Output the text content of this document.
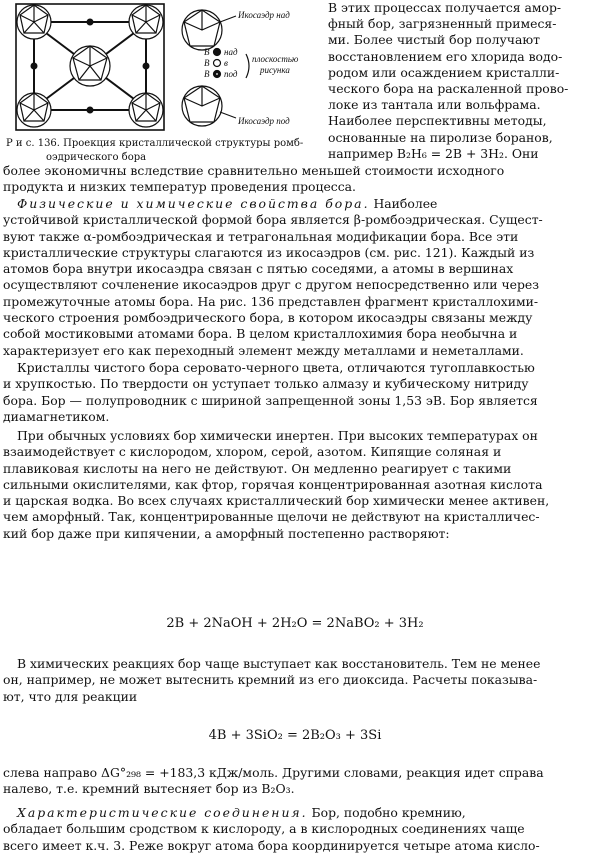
Икосаэдр над
В над
В в
В под
плоскостью
рисунка
Икосаэдр под
Р и с. 136. Проекция кристаллической структуры ромб-
оэдрического бора
В этих процессах получается амор-
фный бор, загрязненный примеся-
ми. Более чистый бор получают
восстановлением его хлорида водо-
родом или осаждением кристалли-
ческого бора на раскаленной прово-
локе из тантала или вольфрама.
Наиболее перспективны методы,
основанные на пиролизе боранов,
например B₂H₆ = 2B + 3H₂. Они
более экономичны вследствие сравнительно меньшей стоимости исходного
продукта и низких температур проведения процесса.
Физические и химические свойства бора. Наиболее
устойчивой кристаллической формой бора является β-ромбоэдрическая. Сущест-
вуют также α-ромбоэдрическая и тетрагональная модификации бора. Все эти
кристаллические структуры слагаются из икосаэдров (см. рис. 121). Каждый из
атомов бора внутри икосаэдра связан с пятью соседями, а атомы в вершинах
осуществляют сочленение икосаэдров друг с другом непосредственно или через
промежуточные атомы бора. На рис. 136 представлен фрагмент кристаллохими-
ческого строения ромбоэдрического бора, в котором икосаэдры связаны между
собой мостиковыми атомами бора. В целом кристаллохимия бора необычна и
характеризует его как переходный элемент между металлами и неметаллами.
Кристаллы чистого бора серовато-черного цвета, отличаются тугоплавкостью
и хрупкостью. По твердости он уступает только алмазу и кубическому нитриду
бора. Бор — полупроводник с шириной запрещенной зоны 1,53 эВ. Бор является
диамагнетиком.
При обычных условиях бор химически инертен. При высоких температурах он
взаимодействует с кислородом, хлором, серой, азотом. Кипящие соляная и
плавиковая кислоты на него не действуют. Он медленно реагирует с такими
сильными окислителями, как фтор, горячая концентрированная азотная кислота
и царская водка. Во всех случаях кристаллический бор химически менее активен,
чем аморфный. Так, концентрированные щелочи не действуют на кристалличес-
кий бор даже при кипячении, а аморфный постепенно растворяют:
2B + 2NaOH + 2H₂O = 2NaBO₂ + 3H₂
В химических реакциях бор чаще выступает как восстановитель. Тем не менее
он, например, не может вытеснить кремний из его диоксида. Расчеты показыва-
ют, что для реакции
4B + 3SiO₂ = 2B₂O₃ + 3Si
слева направо ΔG°₂₉₈ = +183,3 кДж/моль. Другими словами, реакция идет справа
налево, т.е. кремний вытесняет бор из B₂O₃.
Характеристические соединения. Бор, подобно кремнию,
обладает большим сродством к кислороду, а в кислородных соединениях чаще
всего имеет к.ч. 3. Реже вокруг атома бора координируется четыре атома кисло-
